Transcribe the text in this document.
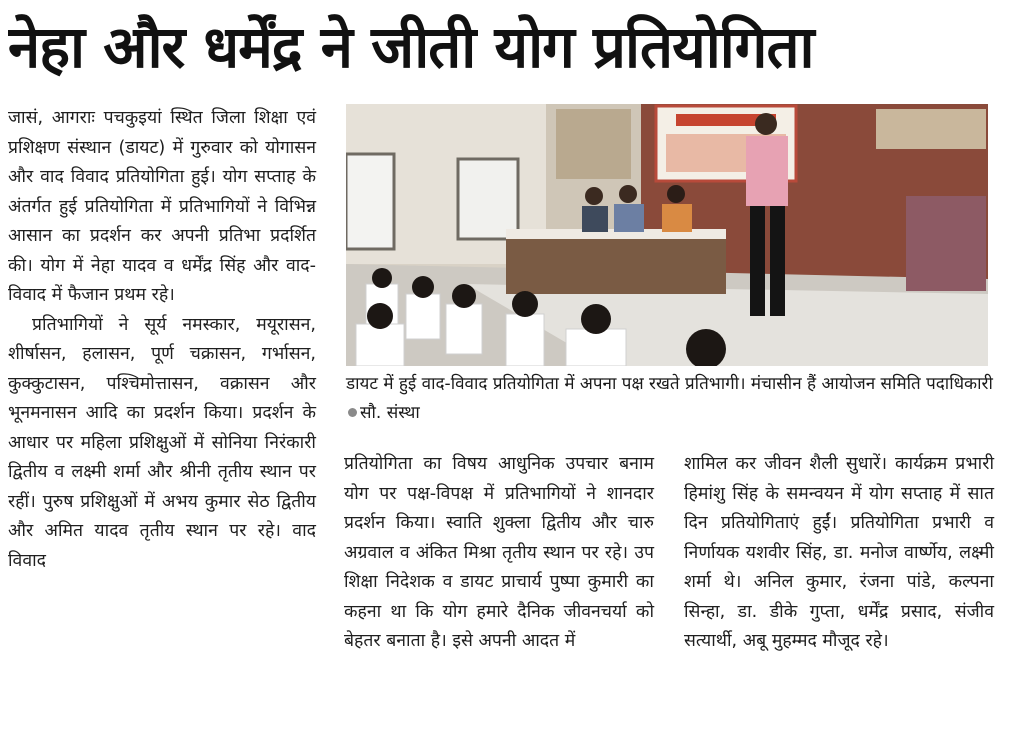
नेहा और धर्मेंद्र ने जीती योग प्रतियोगिता

जासं, आगराः पचकुइयां स्थित जिला शिक्षा एवं प्रशिक्षण संस्थान (डायट) में गुरुवार को योगासन और वाद विवाद प्रतियोगिता हुई। योग सप्ताह के अंतर्गत हुई प्रतियोगिता में प्रतिभागियों ने विभिन्न आसान का प्रदर्शन कर अपनी प्रतिभा प्रदर्शित की। योग में नेहा यादव व धर्मेंद्र सिंह और वाद-विवाद में फैजान प्रथम रहे।

प्रतिभागियों ने सूर्य नमस्कार, मयूरासन, शीर्षासन, हलासन, पूर्ण चक्रासन, गर्भासन, कुक्कुटासन, पश्चिमोत्तासन, वक्रासन और भूनमनासन आदि का प्रदर्शन किया। प्रदर्शन के आधार पर महिला प्रशिक्षुओं में सोनिया निरंकारी द्वितीय व लक्ष्मी शर्मा और श्रीनी तृतीय स्थान पर रहीं। पुरुष प्रशिक्षुओं में अभय कुमार सेठ द्वितीय और अमित यादव तृतीय स्थान पर रहे। वाद विवाद

डायट में हुई वाद-विवाद प्रतियोगिता में अपना पक्ष रखते प्रतिभागी। मंचासीन हैं आयोजन समिति पदाधिकारीसौ. संस्था

प्रतियोगिता का विषय आधुनिक उपचार बनाम योग पर पक्ष-विपक्ष में प्रतिभागियों ने शानदार प्रदर्शन किया। स्वाति शुक्ला द्वितीय और चारु अग्रवाल व अंकित मिश्रा तृतीय स्थान पर रहे। उप शिक्षा निदेशक व डायट प्राचार्य पुष्पा कुमारी का कहना था कि योग हमारे दैनिक जीवनचर्या को बेहतर बनाता है। इसे अपनी आदत में

शामिल कर जीवन शैली सुधारें। कार्यक्रम प्रभारी हिमांशु सिंह के समन्वयन में योग सप्ताह में सात दिन प्रतियोगिताएं हुईं। प्रतियोगिता प्रभारी व निर्णायक यशवीर सिंह, डा. मनोज वार्ष्णेय, लक्ष्मी शर्मा थे। अनिल कुमार, रंजना पांडे, कल्पना सिन्हा, डा. डीके गुप्ता, धर्मेंद्र प्रसाद, संजीव सत्यार्थी, अबू मुहम्मद मौजूद रहे।
